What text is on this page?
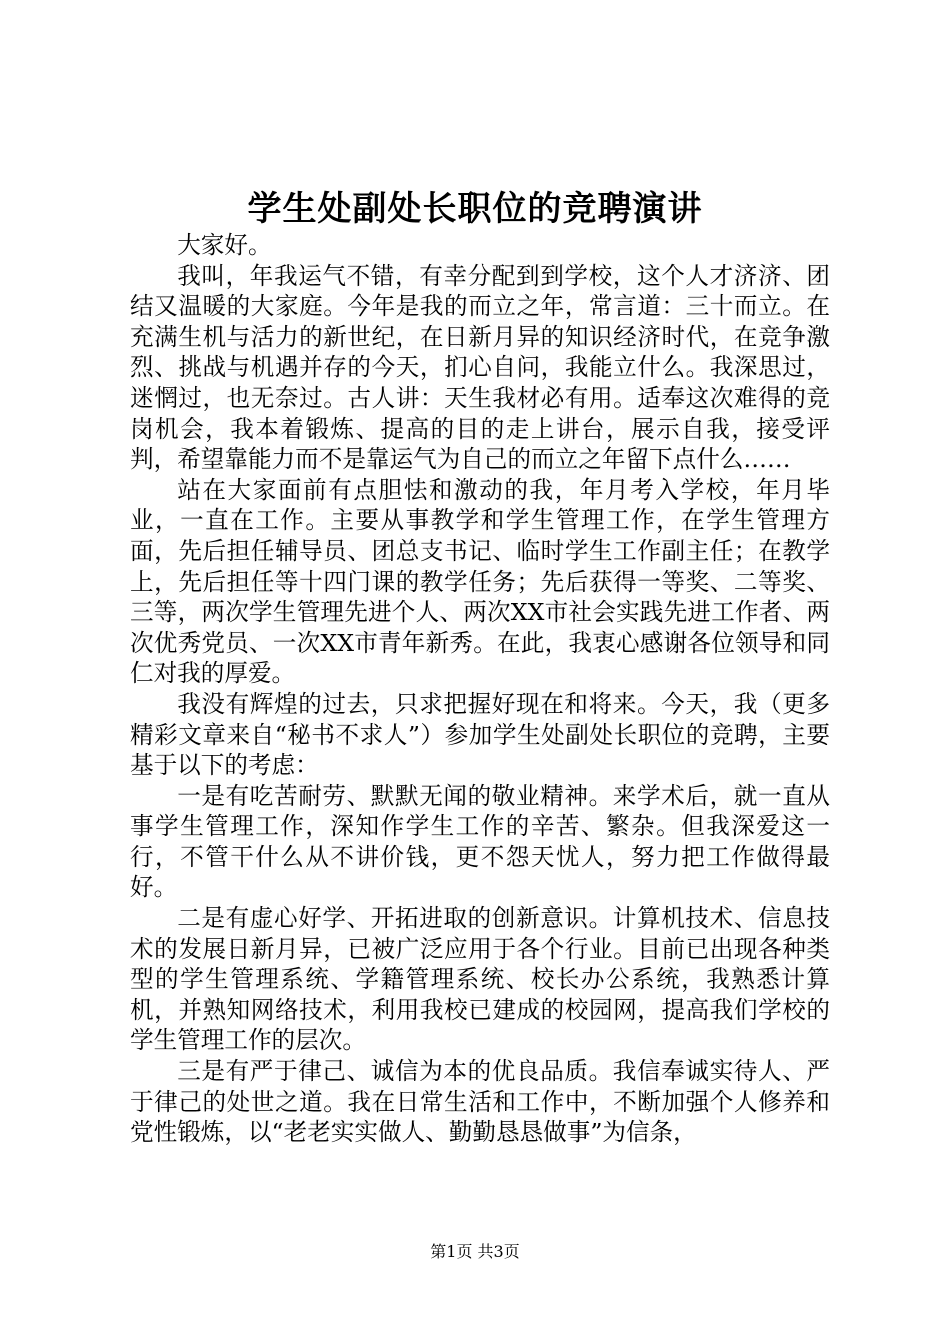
学生处副处长职位的竞聘演讲

大家好。

我叫，年我运气不错，有幸分配到到学校，这个人才济济、团结又温暖的大家庭。今年是我的而立之年，常言道：三十而立。在充满生机与活力的新世纪，在日新月异的知识经济时代，在竞争激烈、挑战与机遇并存的今天，扪心自问，我能立什么。我深思过，迷惘过，也无奈过。古人讲：天生我材必有用。适奉这次难得的竞岗机会，我本着锻炼、提高的目的走上讲台，展示自我，接受评判，希望靠能力而不是靠运气为自己的而立之年留下点什么……

站在大家面前有点胆怯和激动的我，年月考入学校，年月毕业，一直在工作。主要从事教学和学生管理工作，在学生管理方面，先后担任辅导员、团总支书记、临时学生工作副主任；在教学上，先后担任等十四门课的教学任务；先后获得一等奖、二等奖、三等，两次学生管理先进个人、两次XX市社会实践先进工作者、两次优秀党员、一次XX市青年新秀。在此，我衷心感谢各位领导和同仁对我的厚爱。

我没有辉煌的过去，只求把握好现在和将来。今天，我（更多精彩文章来自“秘书不求人”）参加学生处副处长职位的竞聘，主要基于以下的考虑：

一是有吃苦耐劳、默默无闻的敬业精神。来学术后，就一直从事学生管理工作，深知作学生工作的辛苦、繁杂。但我深爱这一行，不管干什么从不讲价钱，更不怨天忧人，努力把工作做得最好。

二是有虚心好学、开拓进取的创新意识。计算机技术、信息技术的发展日新月异，已被广泛应用于各个行业。目前已出现各种类型的学生管理系统、学籍管理系统、校长办公系统，我熟悉计算机，并熟知网络技术，利用我校已建成的校园网，提高我们学校的学生管理工作的层次。

三是有严于律己、诚信为本的优良品质。我信奉诚实待人、严于律己的处世之道。我在日常生活和工作中，不断加强个人修养和党性锻炼，以“老老实实做人、勤勤恳恳做事”为信条，

第1页 共3页
